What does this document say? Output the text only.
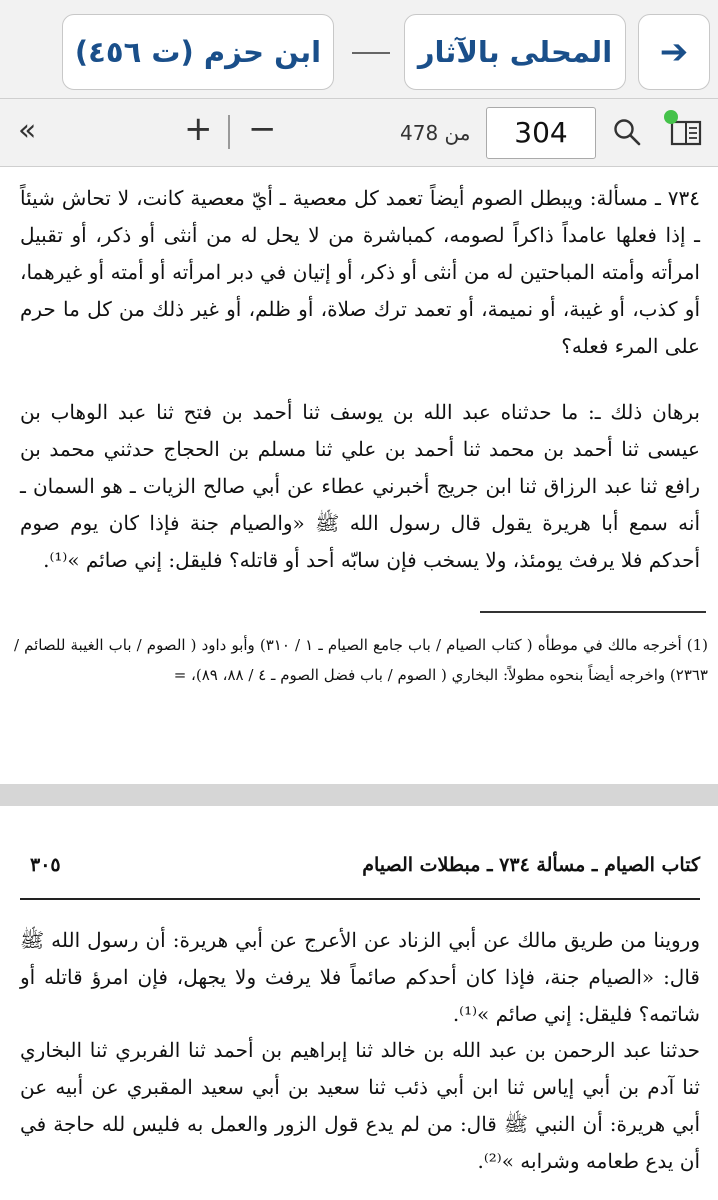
ابن حزم (ت ٤٥٦)	المحلى بالآثار ➔
«	+ −	من 478	304
٧٣٤ ـ مسألة: ويبطل الصوم أيضاً تعمد كل معصية ـ أيّ معصية كانت، لا تحاش شيئاً ـ إذا فعلها عامداً ذاكراً لصومه، كمباشرة من لا يحل له من أنثى أو ذكر، أو تقبيل امرأته وأمته المباحتين له من أنثى أو ذكر، أو إتيان في دبر امرأته أو أمته أو غيرهما، أو كذب، أو غيبة، أو نميمة، أو تعمد ترك صلاة، أو ظلم، أو غير ذلك من كل ما حرم على المرء فعله؟
برهان ذلك ـ: ما حدثناه عبد الله بن يوسف ثنا أحمد بن فتح ثنا عبد الوهاب بن عيسى ثنا أحمد بن محمد ثنا أحمد بن علي ثنا مسلم بن الحجاج حدثني محمد بن رافع ثنا عبد الرزاق ثنا ابن جريج أخبرني عطاء عن أبي صالح الزيات ـ هو السمان ـ أنه سمع أبا هريرة يقول قال رسول الله ﷺ «والصيام جنة فإذا كان يوم صوم أحدكم فلا يرفث يومئذ، ولا يسخب فإن سابّه أحد أو قاتله؟ فليقل: إني صائم »⁽¹⁾.
(1) أخرجه مالك في موطأه ( كتاب الصيام / باب جامع الصيام ـ ١ / ٣١٠) وأبو داود ( الصوم / باب الغيبة للصائم / ٢٣٦٣) واخرجه أيضاً بنحوه مطولاً: البخاري ( الصوم / باب فضل الصوم ـ ٤ / ٨٨، ٨٩)، =
كتاب الصيام ـ مسألة ٧٣٤ ـ مبطلات الصيام
٣٠٥
وروينا من طريق مالك عن أبي الزناد عن الأعرج عن أبي هريرة: أن رسول الله ﷺ قال: «الصيام جنة، فإذا كان أحدكم صائماً فلا يرفث ولا يجهل، فإن امرؤ قاتله أو شاتمه؟ فليقل: إني صائم »⁽¹⁾.
حدثنا عبد الرحمن بن عبد الله بن خالد ثنا إبراهيم بن أحمد ثنا الفربري ثنا البخاري ثنا آدم بن أبي إياس ثنا ابن أبي ذئب ثنا سعيد بن أبي سعيد المقبري عن أبيه عن أبي هريرة: أن النبي ﷺ قال: من لم يدع قول الزور والعمل به فليس لله حاجة في أن يدع طعامه وشرابه »⁽²⁾.
